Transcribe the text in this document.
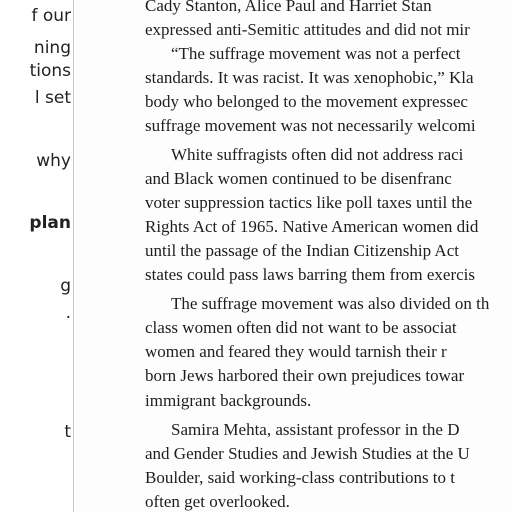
f our
ning
tions
l set
why
plan
g
.
t
Cady Stanton, Alice Paul and Harriet Stan
expressed anti-Semitic attitudes and did not mir
“The suffrage movement was not a perfect
standards. It was racist. It was xenophobic,” Kla
body who belonged to the movement expressec
suffrage movement was not necessarily welcomi
White suffragists often did not address raci
and Black women continued to be disenfranc
voter suppression tactics like poll taxes until the
Rights Act of 1965. Native American women did
until the passage of the Indian Citizenship Act
states could pass laws barring them from exercis
The suffrage movement was also divided on th
class women often did not want to be associat
women and feared they would tarnish their r
born Jews harbored their own prejudices towar
immigrant backgrounds.
Samira Mehta, assistant professor in the D
and Gender Studies and Jewish Studies at the U
Boulder, said working-class contributions to t
often get overlooked.
